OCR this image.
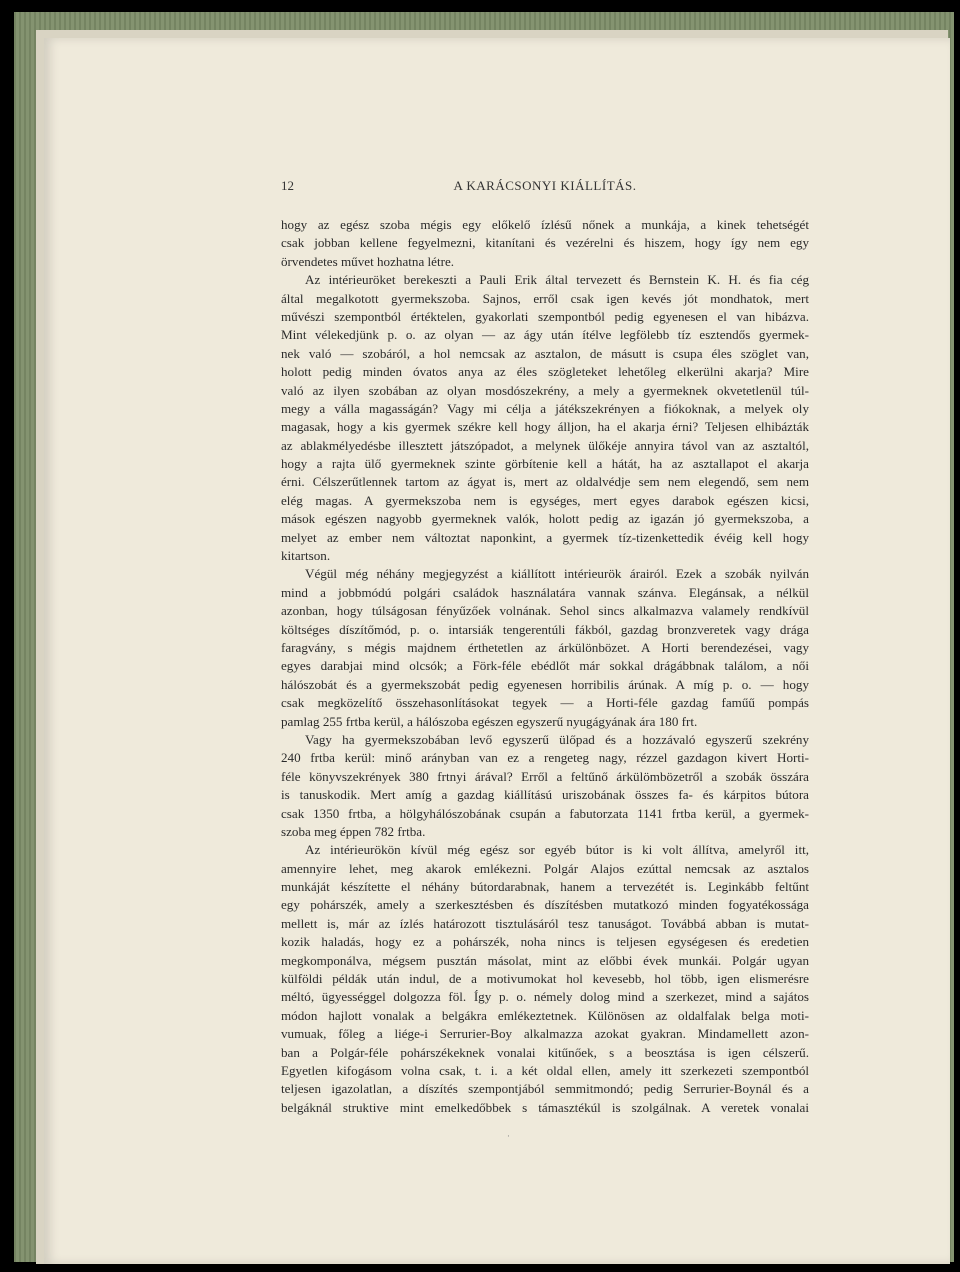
12	A KARÁCSONYI KIÁLLÍTÁS.
hogy az egész szoba mégis egy előkelő ízlésű nőnek a munkája, a kinek tehetségét
csak jobban kellene fegyelmezni, kitanítani és vezérelni és hiszem, hogy így nem egy
örvendetes művet hozhatna létre.
Az intérieuröket berekeszti a Pauli Erik által tervezett és Bernstein K. H. és fia cég
által megalkotott gyermekszoba. Sajnos, erről csak igen kevés jót mondhatok, mert
művészi szempontból értéktelen, gyakorlati szempontból pedig egyenesen el van hibázva.
Mint vélekedjünk p. o. az olyan — az ágy után ítélve legfölebb tíz esztendős gyermek-
nek való — szobáról, a hol nemcsak az asztalon, de másutt is csupa éles szöglet van,
holott pedig minden óvatos anya az éles szögleteket lehetőleg elkerülni akarja? Mire
való az ilyen szobában az olyan mosdószekrény, a mely a gyermeknek okvetetlenül túl-
megy a válla magasságán? Vagy mi célja a játékszekrényen a fiókoknak, a melyek oly
magasak, hogy a kis gyermek székre kell hogy álljon, ha el akarja érni? Teljesen elhibázták
az ablakmélyedésbe illesztett játszópadot, a melynek ülőkéje annyira távol van az asztaltól,
hogy a rajta ülő gyermeknek szinte görbítenie kell a hátát, ha az asztallapot el akarja
érni. Célszerűtlennek tartom az ágyat is, mert az oldalvédje sem nem elegendő, sem nem
elég magas. A gyermekszoba nem is egységes, mert egyes darabok egészen kicsi,
mások egészen nagyobb gyermeknek valók, holott pedig az igazán jó gyermekszoba, a
melyet az ember nem változtat naponkint, a gyermek tíz-tizenkettedik évéig kell hogy
kitartson.
Végül még néhány megjegyzést a kiállított intérieurök árairól. Ezek a szobák nyilván
mind a jobbmódú polgári családok használatára vannak szánva. Elegánsak, a nélkül
azonban, hogy túlságosan fényűzőek volnának. Sehol sincs alkalmazva valamely rendkívül
költséges díszítőmód, p. o. intarsiák tengerentúli fákból, gazdag bronzveretek vagy drága
faragvány, s mégis majdnem érthetetlen az árkülönbözet. A Horti berendezései, vagy
egyes darabjai mind olcsók; a Förk-féle ebédlőt már sokkal drágábbnak találom, a női
hálószobát és a gyermekszobát pedig egyenesen horribilis árúnak. A míg p. o. — hogy
csak megközelítő összehasonlításokat tegyek — a Horti-féle gazdag faműű pompás
pamlag 255 frtba kerül, a hálószoba egészen egyszerű nyugágyának ára 180 frt.
Vagy ha gyermekszobában levő egyszerű ülőpad és a hozzávaló egyszerű szekrény
240 frtba kerül: minő arányban van ez a rengeteg nagy, rézzel gazdagon kivert Horti-
féle könyvszekrények 380 frtnyi árával? Erről a feltűnő árkülömbözetről a szobák összára
is tanuskodik. Mert amíg a gazdag kiállítású uriszobának összes fa- és kárpitos bútora
csak 1350 frtba, a hölgyhálószobának csupán a fabutorzata 1141 frtba kerül, a gyermek-
szoba meg éppen 782 frtba.
Az intérieurökön kívül még egész sor egyéb bútor is ki volt állítva, amelyről itt,
amennyire lehet, meg akarok emlékezni. Polgár Alajos ezúttal nemcsak az asztalos
munkáját készítette el néhány bútordarabnak, hanem a tervezétét is. Leginkább feltűnt
egy pohárszék, amely a szerkesztésben és díszítésben mutatkozó minden fogyatékossága
mellett is, már az ízlés határozott tisztulásáról tesz tanuságot. Továbbá abban is mutat-
kozik haladás, hogy ez a pohárszék, noha nincs is teljesen egységesen és eredetien
megkomponálva, mégsem pusztán másolat, mint az előbbi évek munkái. Polgár ugyan
külföldi példák után indul, de a motivumokat hol kevesebb, hol több, igen elismerésre
méltó, ügyességgel dolgozza föl. Így p. o. némely dolog mind a szerkezet, mind a sajátos
módon hajlott vonalak a belgákra emlékeztetnek. Különösen az oldalfalak belga moti-
vumuak, főleg a liége-i Serrurier-Boy alkalmazza azokat gyakran. Mindamellett azon-
ban a Polgár-féle pohárszékeknek vonalai kitűnőek, s a beosztása is igen célszerű.
Egyetlen kifogásom volna csak, t. i. a két oldal ellen, amely itt szerkezeti szempontból
teljesen igazolatlan, a díszítés szempontjából semmitmondó; pedig Serrurier-Boynál és a
belgáknál struktive mint emelkedőbbek s támasztékúl is szolgálnak. A veretek vonalai
·
